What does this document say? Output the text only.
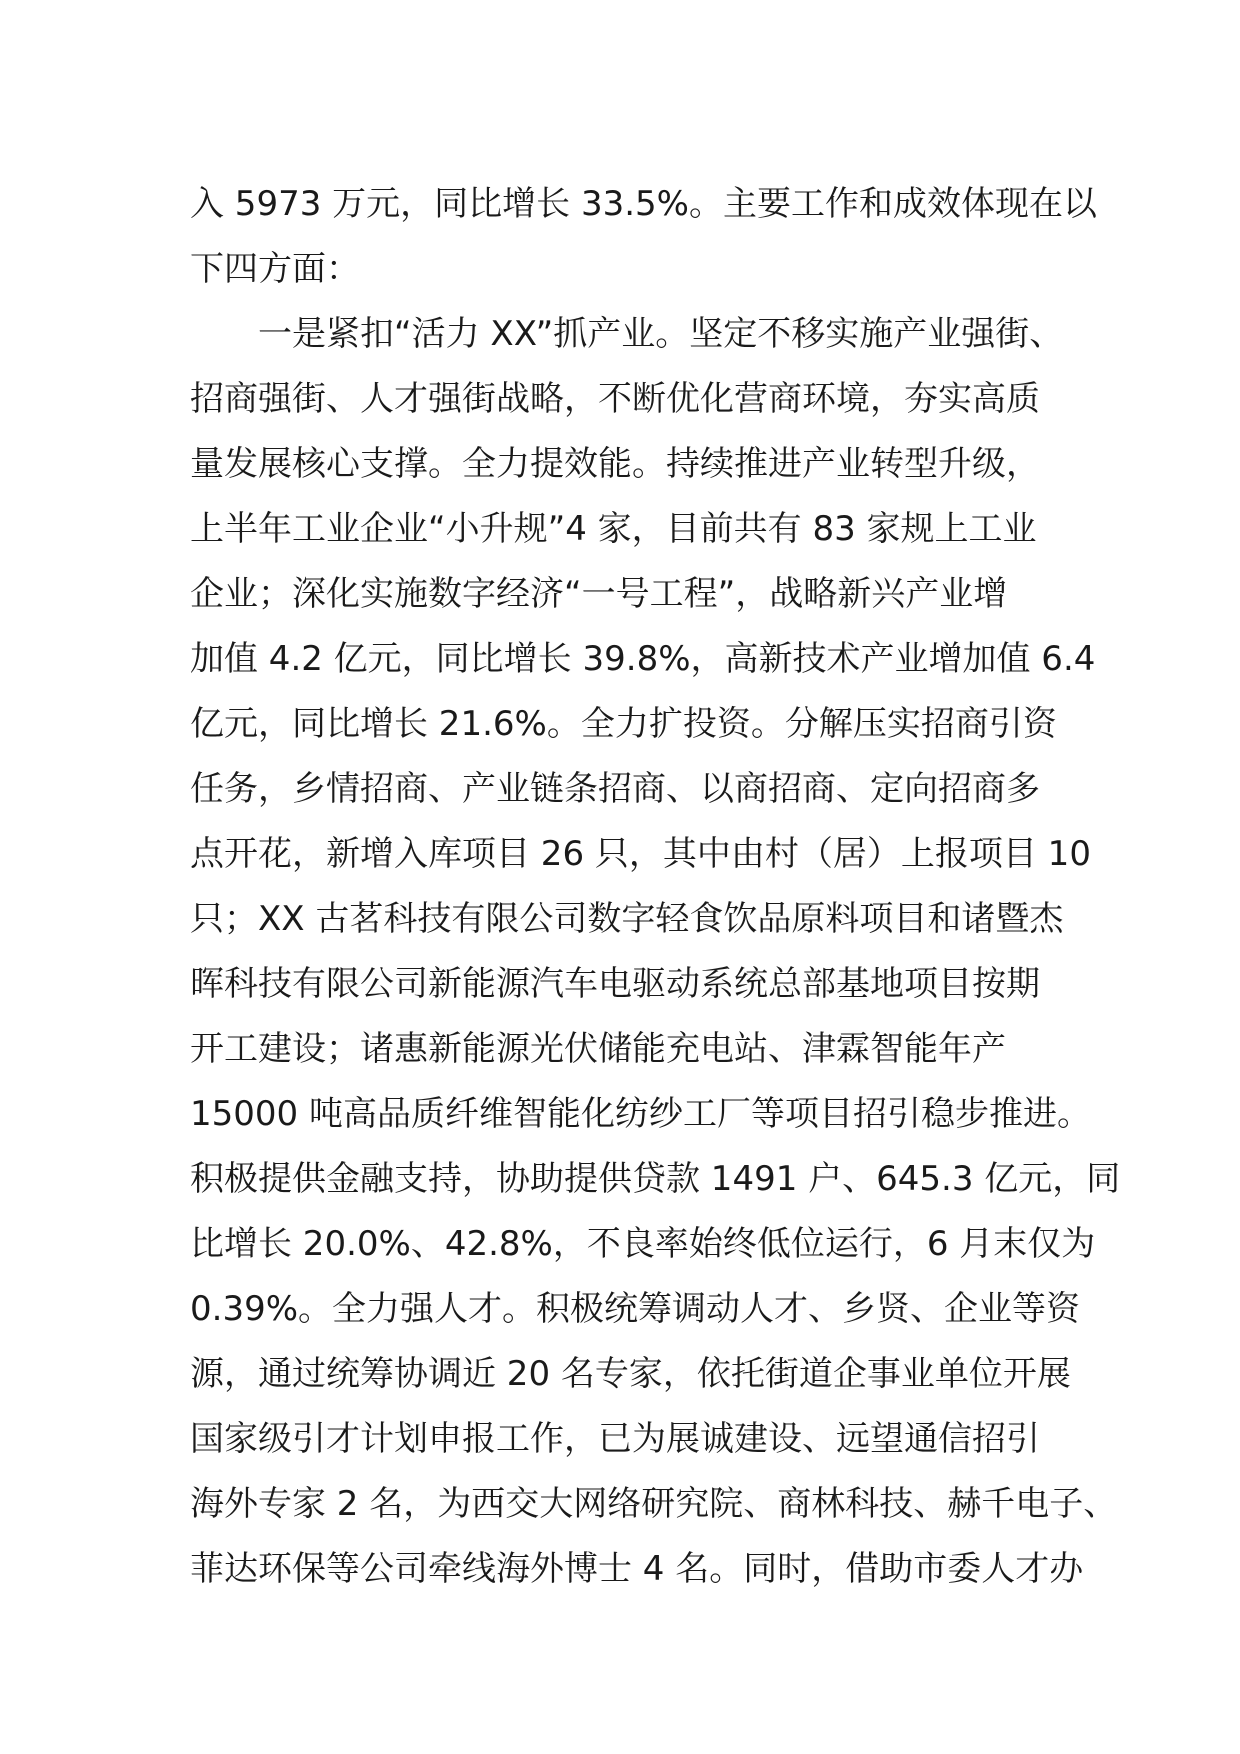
入 5973 万元，同比增长 33.5%。主要工作和成效体现在以
下四方面：
一是紧扣“活力 XX”抓产业。坚定不移实施产业强街、
招商强街、人才强街战略，不断优化营商环境，夯实高质
量发展核心支撑。全力提效能。持续推进产业转型升级，
上半年工业企业“小升规”4 家，目前共有 83 家规上工业
企业；深化实施数字经济“一号工程”，战略新兴产业增
加值 4.2 亿元，同比增长 39.8%，高新技术产业增加值 6.4
亿元，同比增长 21.6%。全力扩投资。分解压实招商引资
任务，乡情招商、产业链条招商、以商招商、定向招商多
点开花，新增入库项目 26 只，其中由村（居）上报项目 10
只；XX 古茗科技有限公司数字轻食饮品原料项目和诸暨杰
晖科技有限公司新能源汽车电驱动系统总部基地项目按期
开工建设；诸惠新能源光伏储能充电站、津霖智能年产
15000 吨高品质纤维智能化纺纱工厂等项目招引稳步推进。
积极提供金融支持，协助提供贷款 1491 户、645.3 亿元，同
比增长 20.0%、42.8%，不良率始终低位运行，6 月末仅为
0.39%。全力强人才。积极统筹调动人才、乡贤、企业等资
源，通过统筹协调近 20 名专家，依托街道企事业单位开展
国家级引才计划申报工作，已为展诚建设、远望通信招引
海外专家 2 名，为西交大网络研究院、商林科技、赫千电子、
菲达环保等公司牵线海外博士 4 名。同时，借助市委人才办
